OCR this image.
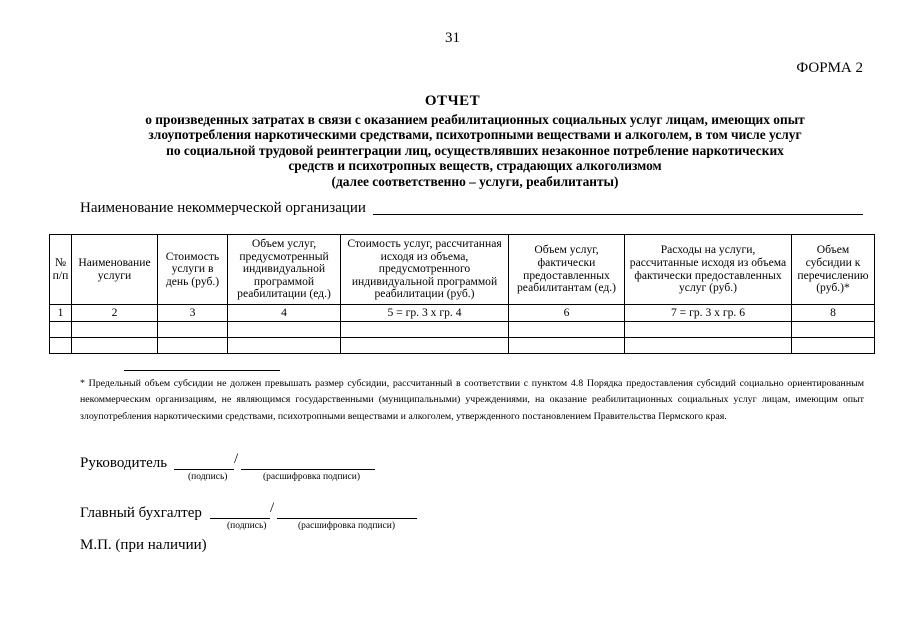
31
ФОРМА 2
ОТЧЕТ
о произведенных затратах в связи с оказанием реабилитационных социальных услуг лицам, имеющих опыт
злоупотребления наркотическими средствами, психотропными веществами и алкоголем, в том числе услуг
по социальной трудовой реинтеграции лиц, осуществлявших незаконное потребление наркотических
средств и психотропных веществ, страдающих алкоголизмом
(далее соответственно – услуги, реабилитанты)
Наименование некоммерческой организации
№ п/п	Наименование услуги	Стоимость услуги в день (руб.)	Объем услуг, предусмотренный индивидуальной программой реабилитации (ед.)	Стоимость услуг, рассчитанная исходя из объема, предусмотренного индивидуальной программой реабилитации (руб.)	Объем услуг, фактически предоставленных реабилитантам (ед.)	Расходы на услуги, рассчитанные исходя из объема фактически предоставленных услуг (руб.)	Объем субсидии к перечислению (руб.)*
1	2	3	4	5 = гр. 3 х гр. 4	6	7 = гр. 3 х гр. 6	8

* Предельный объем субсидии не должен превышать размер субсидии, рассчитанный в соответствии с пунктом 4.8 Порядка предоставления субсидий социально ориентированным некоммерческим организациям, не являющимся государственными (муниципальными) учреждениями, на оказание реабилитационных социальных услуг лицам, имеющим опыт злоупотребления наркотическими средствами, психотропными веществами и алкоголем, утвержденного постановлением Правительства Пермского края.
Руководитель	/
(подпись)	(расшифровка подписи)
Главный бухгалтер	/
(подпись)	(расшифровка подписи)
М.П. (при наличии)
